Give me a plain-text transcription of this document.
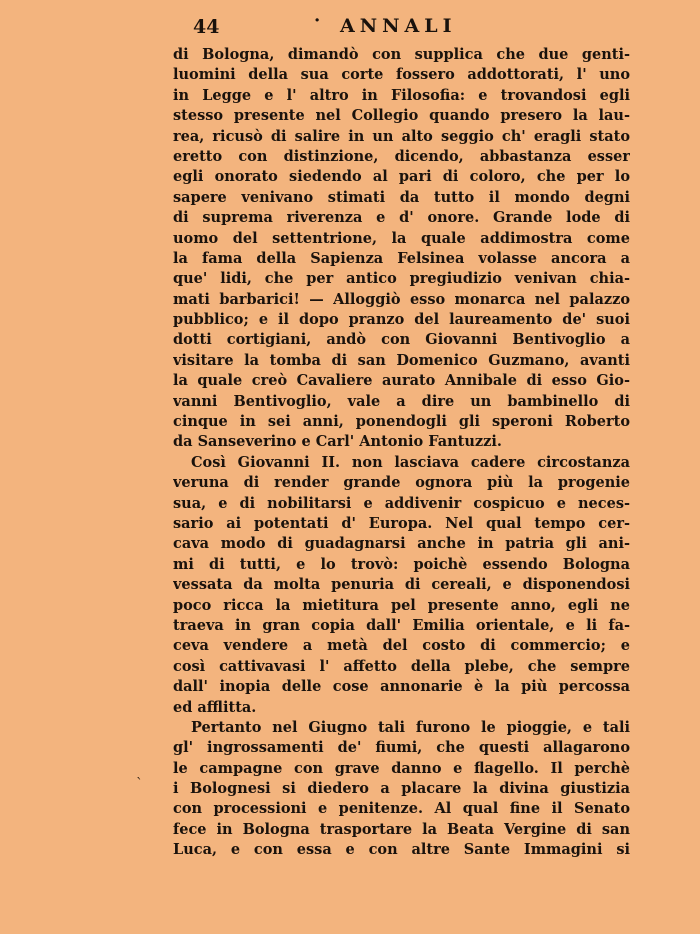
44	· ANNALI
di Bologna, dimandò con supplica che due genti-
luomini della sua corte fossero addottorati, l' uno
in Legge e l' altro in Filosofia: e trovandosi egli
stesso presente nel Collegio quando presero la lau-
rea, ricusò di salire in un alto seggio ch' eragli stato
eretto con distinzione, dicendo, abbastanza esser
egli onorato siedendo al pari di coloro, che per lo
sapere venivano stimati da tutto il mondo degni
di suprema riverenza e d' onore. Grande lode di
uomo del settentrione, la quale addimostra come
la fama della Sapienza Felsinea volasse ancora a
que' lidi, che per antico pregiudizio venivan chia-
mati barbarici! — Alloggiò esso monarca nel palazzo
pubblico; e il dopo pranzo del laureamento de' suoi
dotti cortigiani, andò con Giovanni Bentivoglio a
visitare la tomba di san Domenico Guzmano, avanti
la quale creò Cavaliere aurato Annibale di esso Gio-
vanni Bentivoglio, vale a dire un bambinello di
cinque in sei anni, ponendogli gli speroni Roberto
da Sanseverino e Carl' Antonio Fantuzzi.
Così Giovanni II. non lasciava cadere circostanza
veruna di render grande ognora più la progenie
sua, e di nobilitarsi e addivenir cospicuo e neces-
sario ai potentati d' Europa. Nel qual tempo cer-
cava modo di guadagnarsi anche in patria gli ani-
mi di tutti, e lo trovò: poichè essendo Bologna
vessata da molta penuria di cereali, e disponendosi
poco ricca la mietitura pel presente anno, egli ne
traeva in gran copia dall' Emilia orientale, e li fa-
ceva vendere a metà del costo di commercio; e
così cattivavasi l' affetto della plebe, che sempre
dall' inopia delle cose annonarie è la più percossa
ed afflitta.
Pertanto nel Giugno tali furono le pioggie, e tali
gl' ingrossamenti de' fiumi, che questi allagarono
le campagne con grave danno e flagello. Il perchè
i Bolognesi si diedero a placare la divina giustizia
con processioni e penitenze. Al qual fine il Senato
fece in Bologna trasportare la Beata Vergine di san
Luca, e con essa e con altre Sante Immagini si
`
